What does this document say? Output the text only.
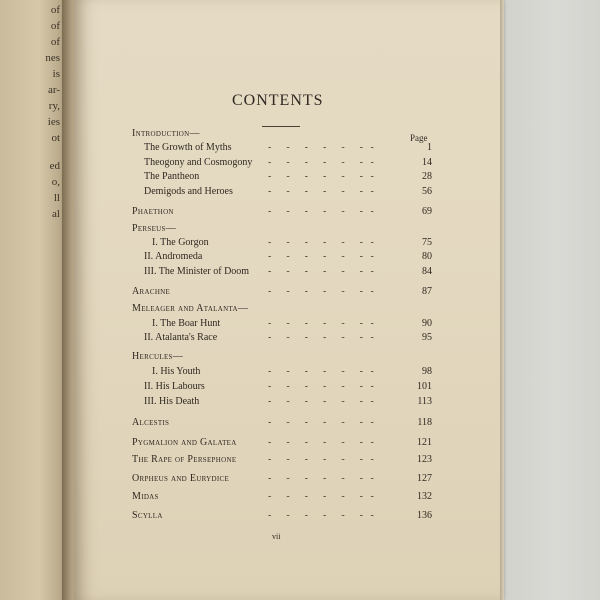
of
of
of
nes
is
ar-
ry,
ies
ot
ed
o,
ll
al
CONTENTS
Page
Introduction—
The Growth of Myths	-      -      -      -      -      -   -	1
Theogony and Cosmogony -      -      -      -      -      -   -	14
The Pantheon	-      -      -      -      -      -   -	28
Demigods and Heroes	-      -      -      -      -      -   -	56
Phaethon	-      -      -      -      -      -   -	69
Perseus—
I. The Gorgon	-      -      -      -      -      -   -	75
II. Andromeda	-      -      -      -      -      -   -	80
III. The Minister of Doom -      -      -      -      -      -   -	84
Arachne	-      -      -      -      -      -   -	87
Meleager and Atalanta—
I. The Boar Hunt	-      -      -      -      -      -   -	90
II. Atalanta's Race	-      -      -      -      -      -   -	95
Hercules—
I. His Youth	-      -      -      -      -      -   -	98
II. His Labours	-      -      -      -      -      -   -	101
III. His Death	-      -      -      -      -      -   -	113
Alcestis	-      -      -      -      -      -   -	118
Pygmalion and Galatea	-      -      -      -      -      -   -	121
The Rape of Persephone	-      -      -      -      -      -   -	123
Orpheus and Eurydice	-      -      -      -      -      -   -	127
Midas	-      -      -      -      -      -   -	132
Scylla	-      -      -      -      -      -   -	136
vii
